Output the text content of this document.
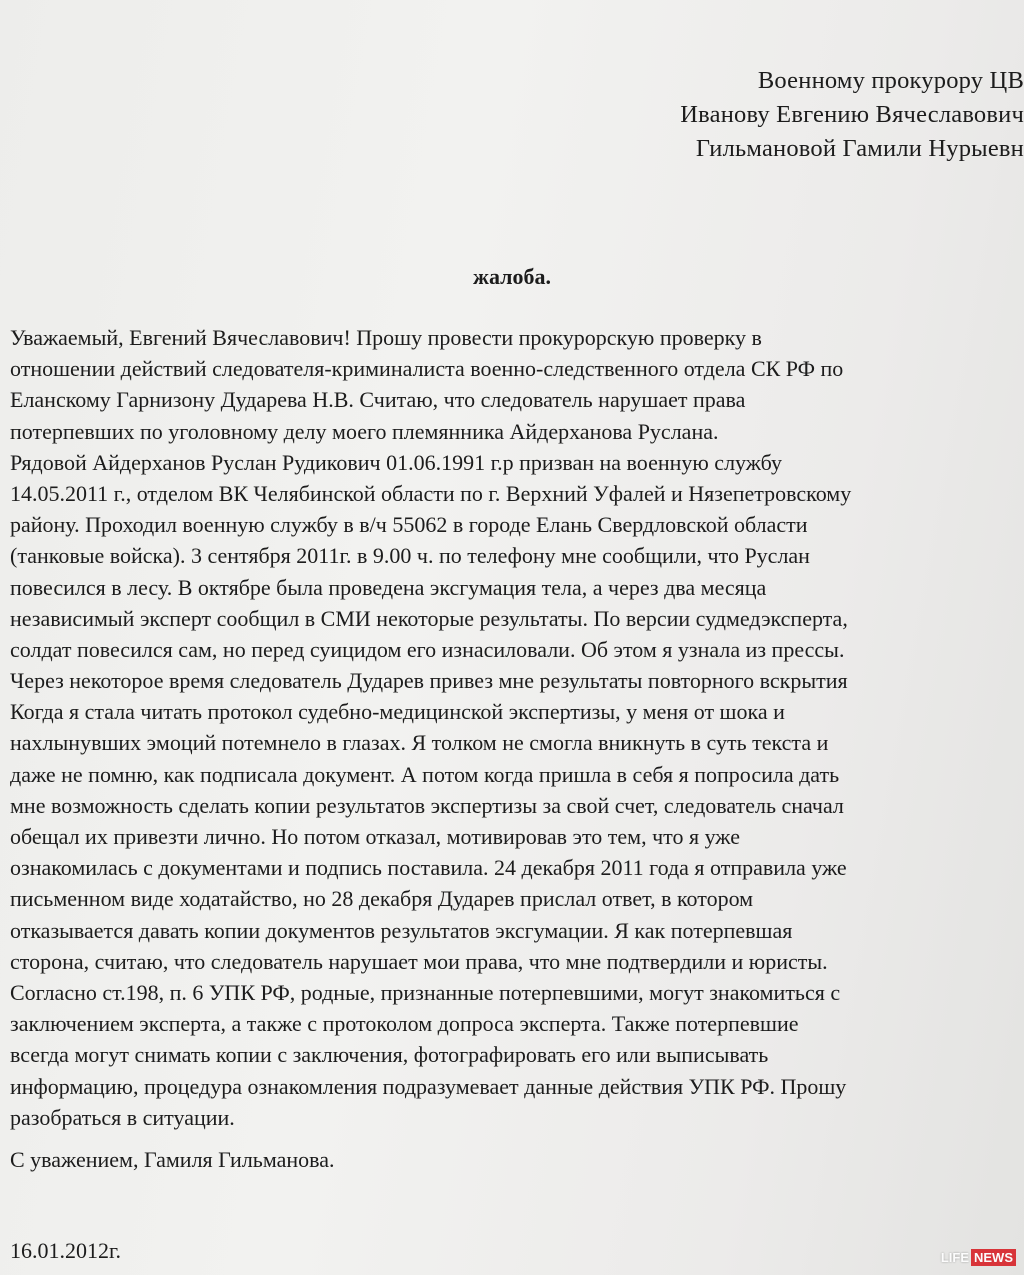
Военному прокурору ЦВ
Иванову Евгению Вячеславович
Гильмановой Гамили Нурыевн
жалоба.
Уважаемый, Евгений Вячеславович! Прошу провести прокурорскую проверку в
отношении действий следователя-криминалиста военно-следственного отдела СК РФ по
Еланскому Гарнизону Дударева Н.В. Считаю, что следователь нарушает права
потерпевших по уголовному делу моего племянника Айдерханова Руслана.
Рядовой Айдерханов Руслан Рудикович 01.06.1991 г.р призван на военную службу
14.05.2011 г., отделом ВК Челябинской области по г. Верхний Уфалей и Нязепетровскому
району. Проходил военную службу в в/ч 55062 в городе Елань Свердловской области
(танковые войска). 3 сентября 2011г. в 9.00 ч. по телефону мне сообщили, что Руслан
повесился в лесу. В октябре была проведена эксгумация тела, а через два месяца
независимый эксперт сообщил в СМИ некоторые результаты. По версии судмедэксперта,
солдат повесился сам, но перед суицидом его изнасиловали. Об этом я узнала из прессы.
Через некоторое время следователь Дударев привез мне результаты повторного вскрытия
Когда я стала читать протокол судебно-медицинской экспертизы, у меня от шока и
нахлынувших эмоций потемнело в глазах. Я толком не смогла вникнуть в суть текста и
даже не помню, как подписала документ. А потом когда пришла в себя я попросила дать
мне возможность сделать копии результатов экспертизы за свой счет, следователь сначал
обещал их привезти лично. Но потом отказал, мотивировав это тем, что я уже
ознакомилась с документами и подпись поставила. 24 декабря 2011 года я отправила уже
письменном виде ходатайство, но 28 декабря Дударев прислал ответ, в котором
отказывается давать копии документов результатов эксгумации. Я как потерпевшая
сторона, считаю, что следователь нарушает мои права, что мне подтвердили и юристы.
Согласно ст.198, п. 6 УПК РФ, родные, признанные потерпевшими, могут знакомиться с
заключением эксперта, а также с протоколом допроса эксперта. Также потерпевшие
всегда могут снимать копии с заключения, фотографировать его или выписывать
информацию, процедура ознакомления подразумевает данные действия УПК РФ. Прошу
разобраться в ситуации.
С уважением, Гамиля Гильманова.
16.01.2012г.	LIFE NEWS
